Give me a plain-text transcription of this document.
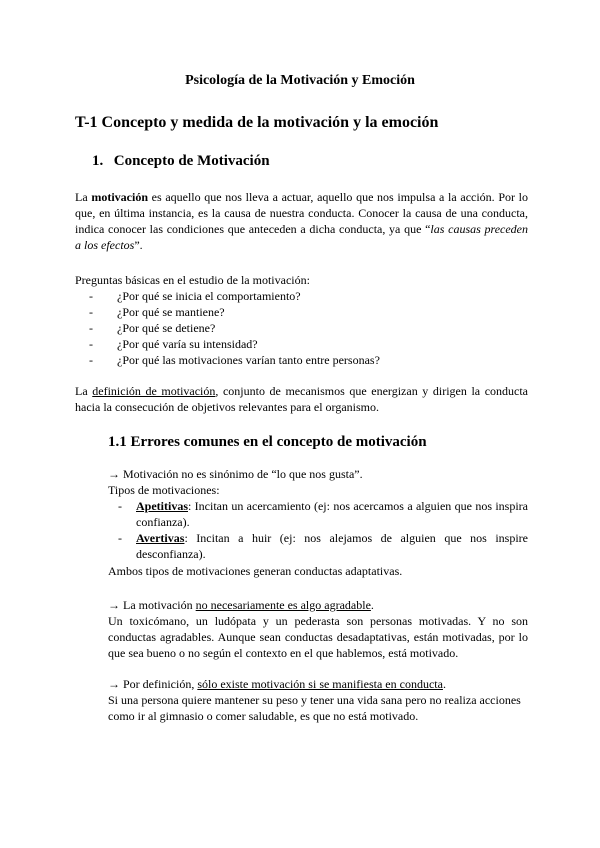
Psicología de la Motivación y Emoción
T-1 Concepto y medida de la motivación y la emoción
1. Concepto de Motivación

La motivación es aquello que nos lleva a actuar, aquello que nos impulsa a la acción. Por lo que, en última instancia, es la causa de nuestra conducta. Conocer la causa de una conducta, indica conocer las condiciones que anteceden a dicha conducta, ya que “las causas preceden a los efectos”.

Preguntas básicas en el estudio de la motivación:

- ¿Por qué se inicia el comportamiento?
- ¿Por qué se mantiene?
- ¿Por qué se detiene?
- ¿Por qué varía su intensidad?
- ¿Por qué las motivaciones varían tanto entre personas?

La definición de motivación, conjunto de mecanismos que energizan y dirigen la conducta hacia la consecución de objetivos relevantes para el organismo.

1.1 Errores comunes en el concepto de motivación

→ Motivación no es sinónimo de “lo que nos gusta”.

Tipos de motivaciones:

- Apetitivas: Incitan un acercamiento (ej: nos acercamos a alguien que nos inspira confianza).
- Avertivas: Incitan a huir (ej: nos alejamos de alguien que nos inspire desconfianza).

Ambos tipos de motivaciones generan conductas adaptativas.

→ La motivación no necesariamente es algo agradable.

Un toxicómano, un ludópata y un pederasta son personas motivadas. Y no son conductas agradables. Aunque sean conductas desadaptativas, están motivadas, por lo que sea bueno o no según el contexto en el que hablemos, está motivado.

→ Por definición, sólo existe motivación si se manifiesta en conducta.

Si una persona quiere mantener su peso y tener una vida sana pero no realiza acciones como ir al gimnasio o comer saludable, es que no está motivado.
